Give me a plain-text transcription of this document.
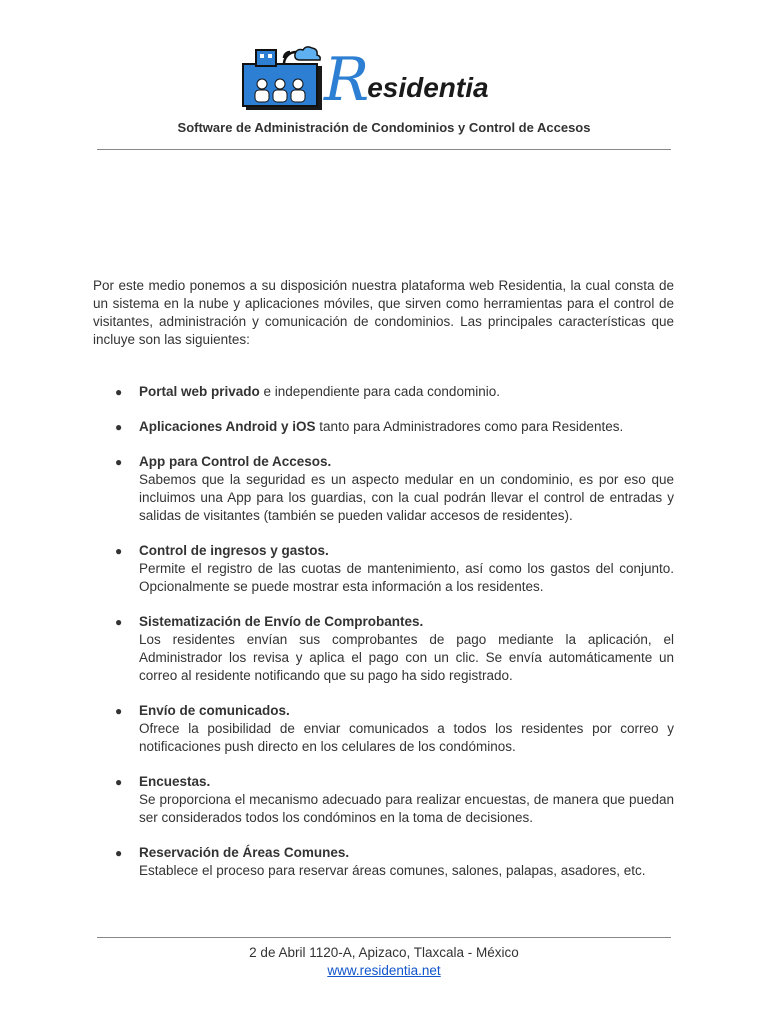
R
esidentia
Software de Administración de Condominios y Control de Accesos

Por este medio ponemos a su disposición nuestra plataforma web Residentia, la cual consta de un sistema en la nube y aplicaciones móviles, que sirven como herramientas para el control de visitantes, administración y comunicación de condominios. Las principales características que incluye son las siguientes:

● Portal web privado e independiente para cada condominio.
● Aplicaciones Android y iOS tanto para Administradores como para Residentes.
● App para Control de Accesos.
Sabemos que la seguridad es un aspecto medular en un condominio, es por eso que incluimos una App para los guardias, con la cual podrán llevar el control de entradas y salidas de visitantes (también se pueden validar accesos de residentes).
● Control de ingresos y gastos.
Permite el registro de las cuotas de mantenimiento, así como los gastos del conjunto. Opcionalmente se puede mostrar esta información a los residentes.
● Sistematización de Envío de Comprobantes.
Los residentes envían sus comprobantes de pago mediante la aplicación, el Administrador los revisa y aplica el pago con un clic. Se envía automáticamente un correo al residente notificando que su pago ha sido registrado.
● Envío de comunicados.
Ofrece la posibilidad de enviar comunicados a todos los residentes por correo y notificaciones push directo en los celulares de los condóminos.
● Encuestas.
Se proporciona el mecanismo adecuado para realizar encuestas, de manera que puedan ser considerados todos los condóminos en la toma de decisiones.
● Reservación de Áreas Comunes.
Establece el proceso para reservar áreas comunes, salones, palapas, asadores, etc.
2 de Abril 1120-A, Apizaco, Tlaxcala - México
www.residentia.net
